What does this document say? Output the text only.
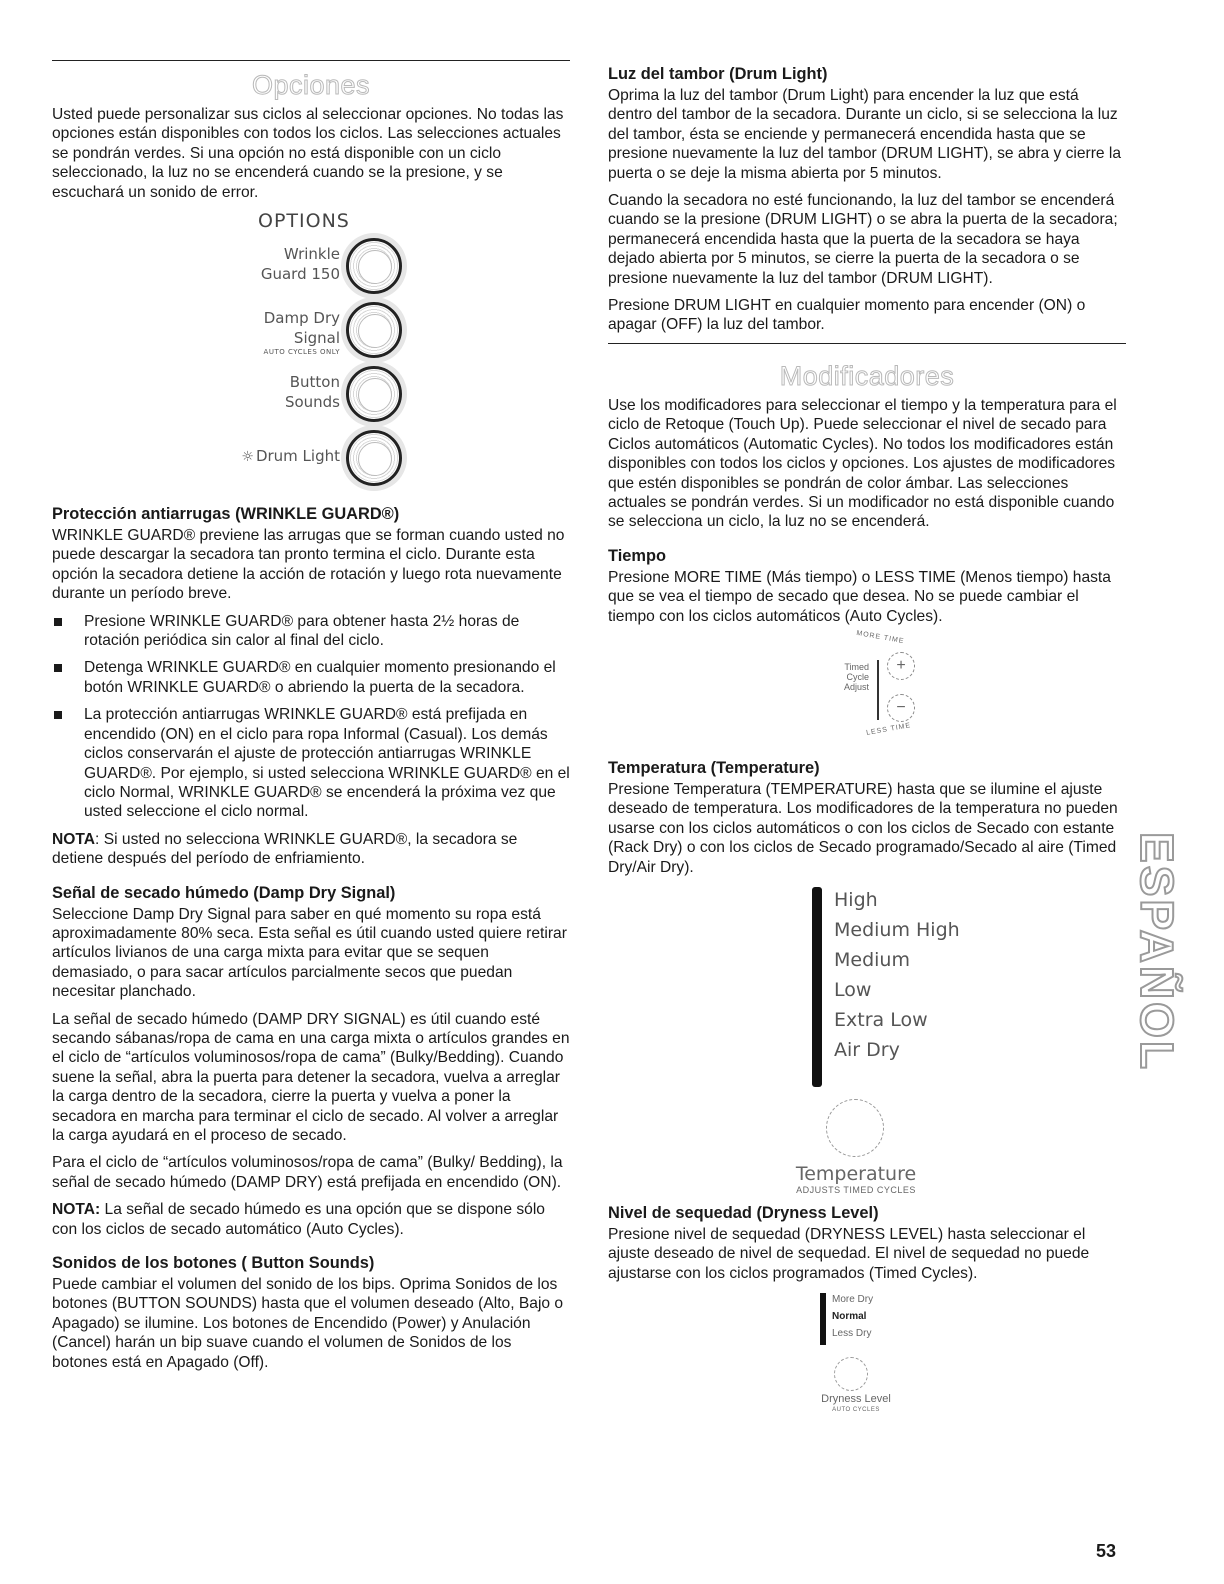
Opciones

Usted puede personalizar sus ciclos al seleccionar opciones. No todas las opciones están disponibles con todos los ciclos. Las selecciones actuales se pondrán verdes. Si una opción no está disponible con un ciclo seleccionado, la luz no se encenderá cuando se la presione, y se escuchará un sonido de error.

OPTIONS
Wrinkle
Guard 150
Damp Dry
Signal
AUTO CYCLES ONLY
Button
Sounds
☼ Drum Light
Protección antiarrugas (WRINKLE GUARD®)

WRINKLE GUARD® previene las arrugas que se forman cuando usted no puede descargar la secadora tan pronto termina el ciclo. Durante esta opción la secadora detiene la acción de rotación y luego rota nuevamente durante un período breve.

Presione WRINKLE GUARD® para obtener hasta 2½ horas de rotación periódica sin calor al final del ciclo.
Detenga WRINKLE GUARD® en cualquier momento presionando el botón WRINKLE GUARD® o abriendo la puerta de la secadora.
La protección antiarrugas WRINKLE GUARD® está prefijada en encendido (ON) en el ciclo para ropa Informal (Casual). Los demás ciclos conservarán el ajuste de protección antiarrugas WRINKLE GUARD®. Por ejemplo, si usted selecciona WRINKLE GUARD® en el ciclo Normal, WRINKLE GUARD® se encenderá la próxima vez que usted seleccione el ciclo normal.

NOTA: Si usted no selecciona WRINKLE GUARD®, la secadora se detiene después del período de enfriamiento.

Señal de secado húmedo (Damp Dry Signal)

Seleccione Damp Dry Signal para saber en qué momento su ropa está aproximadamente 80% seca. Esta señal es útil cuando usted quiere retirar artículos livianos de una carga mixta para evitar que se sequen demasiado, o para sacar artículos parcialmente secos que puedan necesitar planchado.

La señal de secado húmedo (DAMP DRY SIGNAL) es útil cuando esté secando sábanas/ropa de cama en una carga mixta o artículos grandes en el ciclo de “artículos voluminosos/ropa de cama” (Bulky/Bedding). Cuando suene la señal, abra la puerta para detener la secadora, vuelva a arreglar la carga dentro de la secadora, cierre la puerta y vuelva a poner la secadora en marcha para terminar el ciclo de secado. Al volver a arreglar la carga ayudará en el proceso de secado.

Para el ciclo de “artículos voluminosos/ropa de cama” (Bulky/ Bedding), la señal de secado húmedo (DAMP DRY) está prefijada en encendido (ON).

NOTA: La señal de secado húmedo es una opción que se dispone sólo con los ciclos de secado automático (Auto Cycles).

Sonidos de los botones ( Button Sounds)

Puede cambiar el volumen del sonido de los bips. Oprima Sonidos de los botones (BUTTON SOUNDS) hasta que el volumen deseado (Alto, Bajo o Apagado) se ilumine. Los botones de Encendido (Power) y Anulación (Cancel) harán un bip suave cuando el volumen de Sonidos de los botones está en Apagado (Off).

Luz del tambor (Drum Light)

Oprima la luz del tambor (Drum Light) para encender la luz que está dentro del tambor de la secadora. Durante un ciclo, si se selecciona la luz del tambor, ésta se enciende y permanecerá encendida hasta que se presione nuevamente la luz del tambor (DRUM LIGHT), se abra y cierre la puerta o se deje la misma abierta por 5 minutos.

Cuando la secadora no esté funcionando, la luz del tambor se encenderá cuando se la presione (DRUM LIGHT) o se abra la puerta de la secadora; permanecerá encendida hasta que la puerta de la secadora se haya dejado abierta por 5 minutos, se cierre la puerta de la secadora o se presione nuevamente la luz del tambor (DRUM LIGHT).

Presione DRUM LIGHT en cualquier momento para encender (ON) o apagar (OFF) la luz del tambor.

Modificadores

Use los modificadores para seleccionar el tiempo y la temperatura para el ciclo de Retoque (Touch Up). Puede seleccionar el nivel de secado para Ciclos automáticos (Automatic Cycles). No todos los modificadores están disponibles con todos los ciclos y opciones. Los ajustes de modificadores que estén disponibles se pondrán de color ámbar. Las selecciones actuales se pondrán verdes. Si un modificador no está disponible cuando se selecciona un ciclo, la luz no se encenderá.

Tiempo

Presione MORE TIME (Más tiempo) o LESS TIME (Menos tiempo) hasta que se vea el tiempo de secado que desea. No se puede cambiar el tiempo con los ciclos automáticos (Auto Cycles).

MORE TIME
Timed
Cycle
Adjust
+
−
LESS TIME
Temperatura (Temperature)

Presione Temperatura (TEMPERATURE) hasta que se ilumine el ajuste deseado de temperatura. Los modificadores de la temperatura no pueden usarse con los ciclos automáticos o con los ciclos de Secado con estante (Rack Dry) o con los ciclos de Secado programado/Secado al aire (Timed Dry/Air Dry).

High
Medium High
Medium
Low
Extra Low
Air Dry
Temperature
ADJUSTS TIMED CYCLES
Nivel de sequedad (Dryness Level)

Presione nivel de sequedad (DRYNESS LEVEL) hasta seleccionar el ajuste deseado de nivel de sequedad. El nivel de sequedad no puede ajustarse con los ciclos programados (Timed Cycles).

More Dry
Normal
Less Dry
Dryness Level
AUTO CYCLES
ESPAÑOL
53
